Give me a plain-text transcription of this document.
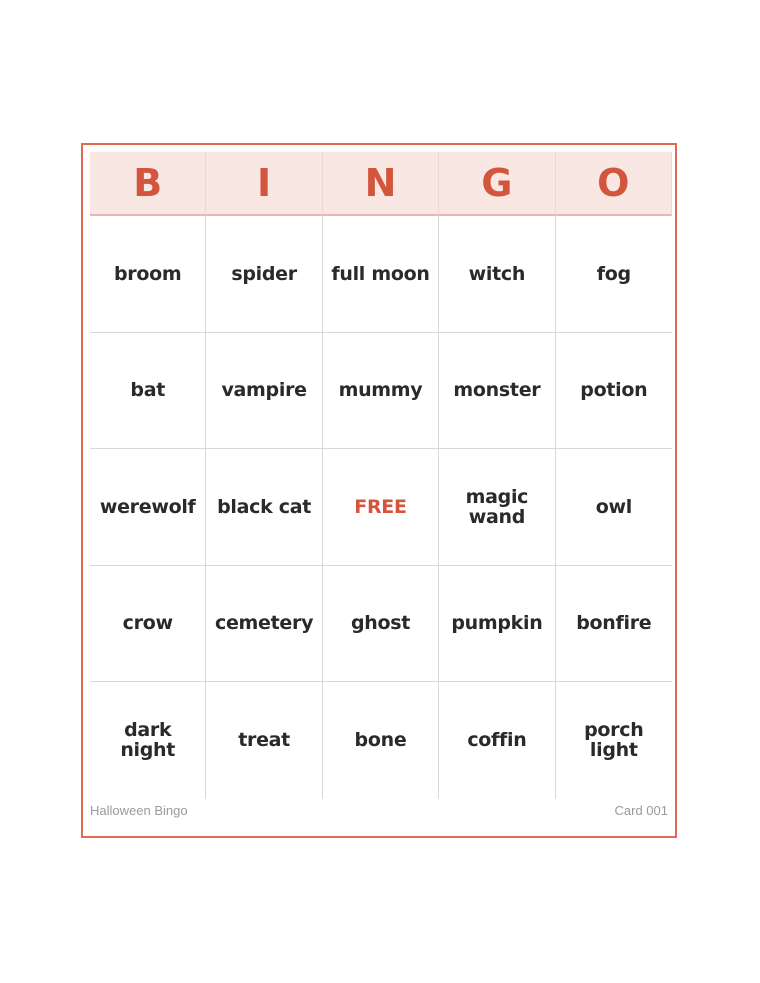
B	I	N	G	O
broom	spider	full moon	witch	fog
bat	vampire	mummy	monster	potion
werewolf	black cat	FREE	magic wand	owl
crow	cemetery	ghost	pumpkin	bonfire
dark night	treat	bone	coffin	porch light
Halloween Bingo	Card 001
